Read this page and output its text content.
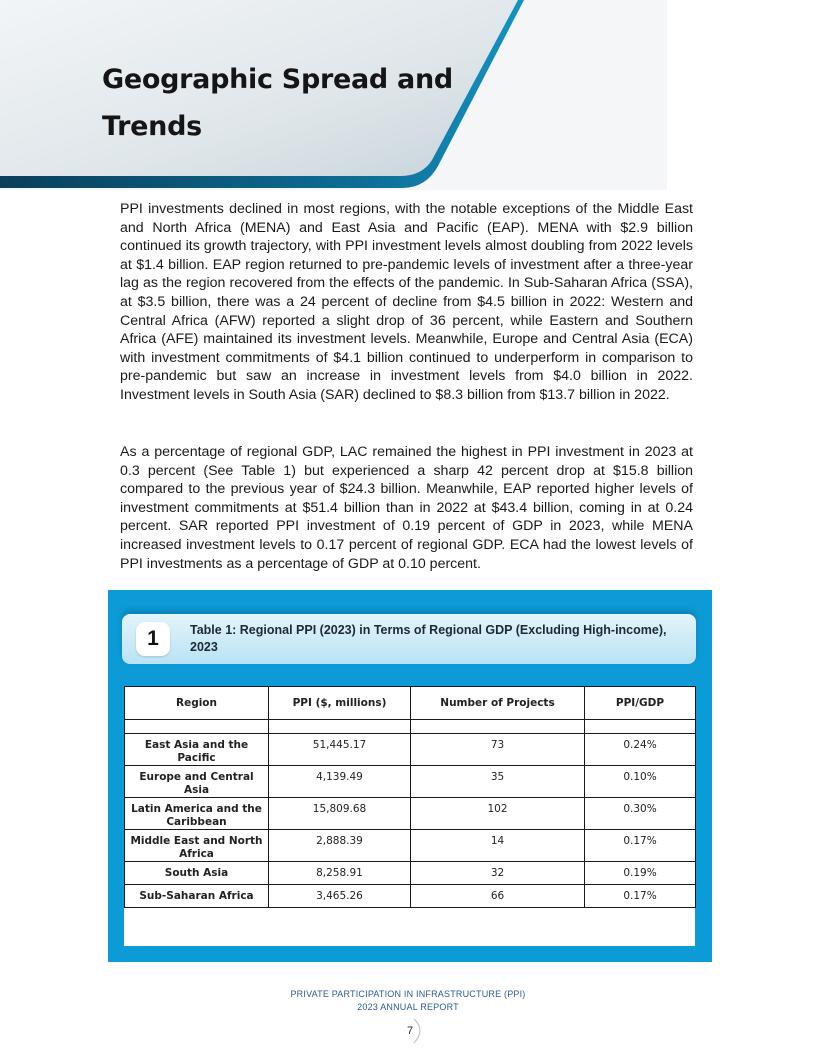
Geographic Spread and Trends

PPI investments declined in most regions, with the notable exceptions of the Middle East and North Africa (MENA) and East Asia and Pacific (EAP). MENA with $2.9 billion continued its growth trajectory, with PPI investment levels almost doubling from 2022 levels at $1.4 billion. EAP region returned to pre-pandemic levels of investment after a three-year lag as the region recovered from the effects of the pandemic. In Sub-Saharan Africa (SSA), at $3.5 billion, there was a 24 percent of decline from $4.5 billion in 2022: Western and Central Africa (AFW) reported a slight drop of 36 percent, while Eastern and Southern Africa (AFE) maintained its investment levels. Meanwhile, Europe and Central Asia (ECA) with investment commitments of $4.1 billion continued to underperform in comparison to pre-pandemic but saw an increase in investment levels from $4.0 billion in 2022. Investment levels in South Asia (SAR) declined to $8.3 billion from $13.7 billion in 2022.

As a percentage of regional GDP, LAC remained the highest in PPI investment in 2023 at 0.3 percent (See Table 1) but experienced a sharp 42 percent drop at $15.8 billion compared to the previous year of $24.3 billion. Meanwhile, EAP reported higher levels of investment commitments at $51.4 billion than in 2022 at $43.4 billion, coming in at 0.24 percent. SAR reported PPI investment of 0.19 percent of GDP in 2023, while MENA increased investment levels to 0.17 percent of regional GDP. ECA had the lowest levels of PPI investments as a percentage of GDP at 0.10 percent.

1	Table 1: Regional PPI (2023) in Terms of Regional GDP (Excluding High-income), 2023
Region	PPI ($, millions)	Number of Projects	PPI/GDP

East Asia and the Pacific	51,445.17	73	0.24%
Europe and Central Asia	4,139.49	35	0.10%
Latin America and the Caribbean	15,809.68	102	0.30%
Middle East and North Africa	2,888.39	14	0.17%
South Asia	8,258.91	32	0.19%
Sub-Saharan Africa	3,465.26	66	0.17%
PRIVATE PARTICIPATION IN INFRASTRUCTURE (PPI)
2023 ANNUAL REPORT
7
